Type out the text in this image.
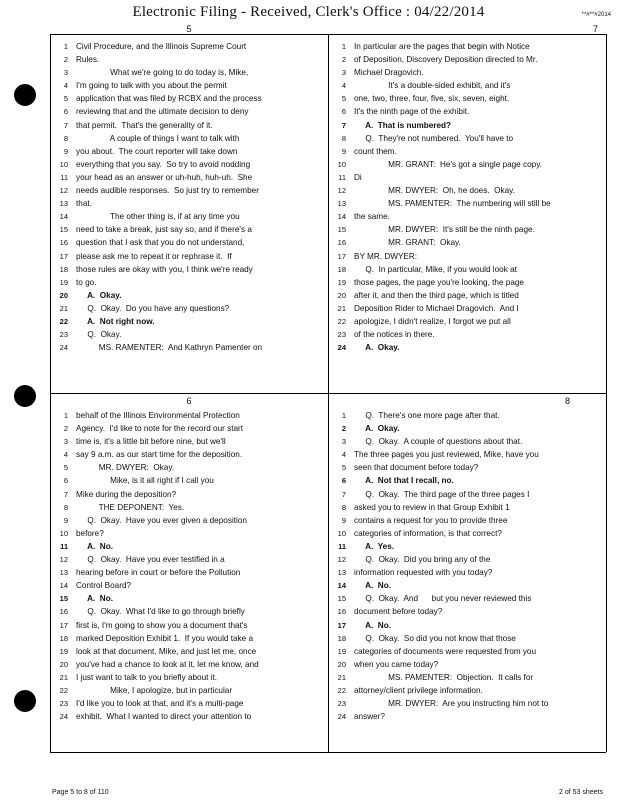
Electronic Filing - Received, Clerk's Office : 04/22/2014	**#**#2014
5
1 Civil Procedure, and the Illinois Supreme Court
2 Rules.
3               What we're going to do today is, Mike,
4 I'm going to talk with you about the permit
5 application that was filed by RCBX and the process
6 reviewing that and the ultimate decision to deny
7 that permit.  That's the generality of it.
8               A couple of things I want to talk with
9 you about.  The court reporter will take down
10 everything that you say.  So try to avoid nodding
11 your head as an answer or uh-huh, huh-uh.  She
12 needs audible responses.  So just try to remember
13 that.
14               The other thing is, if at any time you
15 need to take a break, just say so, and if there's a
16 question that I ask that you do not understand,
17 please ask me to repeat it or rephrase it.  If
18 those rules are okay with you, I think we're ready
19 to go.
20     A.  Okay.
21     Q.  Okay.  Do you have any questions?
22     A.  Not right now.
23     Q.  Okay.
24          MS. RAMENTER:  And Kathryn Pamenter on
7
1 In particular are the pages that begin with Notice
2 of Deposition, Discovery Deposition directed to Mr.
3 Michael Dragovich.
4               It's a double-sided exhibit, and it's
5 one, two, three, four, five, six, seven, eight.
6 It's the ninth page of the exhibit.
7     A.  That is numbered?
8     Q.  They're not numbered.  You'll have to
9 count them.
10               MR. GRANT:  He's got a single page copy.
11 Di
12               MR. DWYER:  Oh, he does.  Okay.
13               MS. PAMENTER:  The numbering will still be
14 the same.
15               MR. DWYER:  It's still be the ninth page.
16               MR. GRANT:  Okay.
17 BY MR. DWYER:
18     Q.  In particular, Mike, if you would look at
19 those pages, the page you're looking, the page
20 after it, and then the third page, which is titled
21 Deposition Rider to Michael Dragovich.  And I
22 apologize, I didn't realize, I forgot we put all
23 of the notices in there.
24     A.  Okay.
6
1 behalf of the Illinois Environmental Protection
2 Agency.  I'd like to note for the record our start
3 time is, it's a little bit before nine, but we'll
4 say 9 a.m. as our start time for the deposition.
5          MR. DWYER:  Okay.
6               Mike, is it all right if I call you
7 Mike during the deposition?
8          THE DEPONENT:  Yes.
9     Q.  Okay.  Have you ever given a deposition
10 before?
11     A.  No.
12     Q.  Okay.  Have you ever testified in a
13 hearing before in court or before the Pollution
14 Control Board?
15     A.  No.
16     Q.  Okay.  What I'd like to go through briefly
17 first is, I'm going to show you a document that's
18 marked Deposition Exhibit 1.  If you would take a
19 look at that document, Mike, and just let me, once
20 you've had a chance to look at it, let me know, and
21 I just want to talk to you briefly about it.
22               Mike, I apologize, but in particular
23 I'd like you to look at that, and it's a multi-page
24 exhibit.  What I wanted to direct your attention to
8
1     Q.  There's one more page after that.
2     A.  Okay.
3     Q.  Okay.  A couple of questions about that.
4 The three pages you just reviewed, Mike, have you
5 seen that document before today?
6     A.  Not that I recall, no.
7     Q.  Okay.  The third page of the three pages I
8 asked you to review in that Group Exhibit 1
9 contains a request for you to provide three
10 categories of information, is that correct?
11     A.  Yes.
12     Q.  Okay.  Did you bring any of the
13 information requested with you today?
14     A.  No.
15     Q.  Okay.  And      but you never reviewed this
16 document before today?
17     A.  No.
18     Q.  Okay.  So did you not know that those
19 categories of documents were requested from you
20 when you came today?
21               MS. PAMENTER:  Objection.  It calls for
22 attorney/client privilege information.
23               MR. DWYER:  Are you instructing him not to
24 answer?
Page 5 to 8 of 110	2 of 53 sheets
